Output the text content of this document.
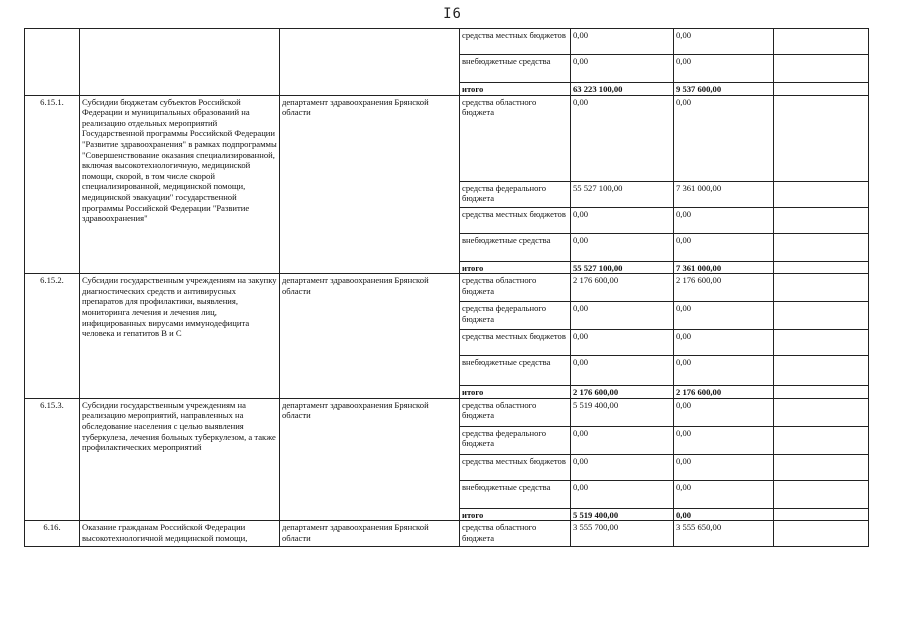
I6
			средства местных бюджетов	0,00	0,00	
			внебюджетные средства	0,00	0,00	
			итого	63 223 100,00	9 537 600,00	
6.15.1.	Субсидии бюджетам субъектов Российской Федерации и муниципальных образований на реализацию отдельных мероприятий Государственной программы Российской Федерации "Развитие здравоохранения" в рамках подпрограммы "Совершенствование оказания специализированной, включая высокотехнологичную, медицинской помощи, скорой, в том числе скорой специализированной, медицинской помощи, медицинской эвакуации" государственной программы Российской Федерации "Развитие здравоохранения"	департамент здравоохранения Брянской области	средства областного бюджета	0,00	0,00	
			средства федерального бюджета	55 527 100,00	7 361 000,00	
			средства местных бюджетов	0,00	0,00	
			внебюджетные средства	0,00	0,00	
			итого	55 527 100,00	7 361 000,00	
6.15.2.	Субсидии государственным учреждениям на закупку диагностических средств и антивирусных препаратов для профилактики, выявления, мониторинга лечения и лечения лиц, инфицированных вирусами иммунодефицита человека и гепатитов В и С	департамент здравоохранения Брянской области	средства областного бюджета	2 176 600,00	2 176 600,00	
			средства федерального бюджета	0,00	0,00	
			средства местных бюджетов	0,00	0,00	
			внебюджетные средства	0,00	0,00	
			итого	2 176 600,00	2 176 600,00	
6.15.3.	Субсидии государственным учреждениям на реализацию мероприятий, направленных на обследование населения с целью выявления туберкулеза, лечения больных туберкулезом, а также профилактических мероприятий	департамент здравоохранения Брянской области	средства областного бюджета	5 519 400,00	0,00	
			средства федерального бюджета	0,00	0,00	
			средства местных бюджетов	0,00	0,00	
			внебюджетные средства	0,00	0,00	
			итого	5 519 400,00	0,00	
6.16.	Оказание гражданам Российской Федерации высокотехнологичной медицинской помощи,	департамент здравоохранения Брянской области	средства областного бюджета	3 555 700,00	3 555 650,00	
